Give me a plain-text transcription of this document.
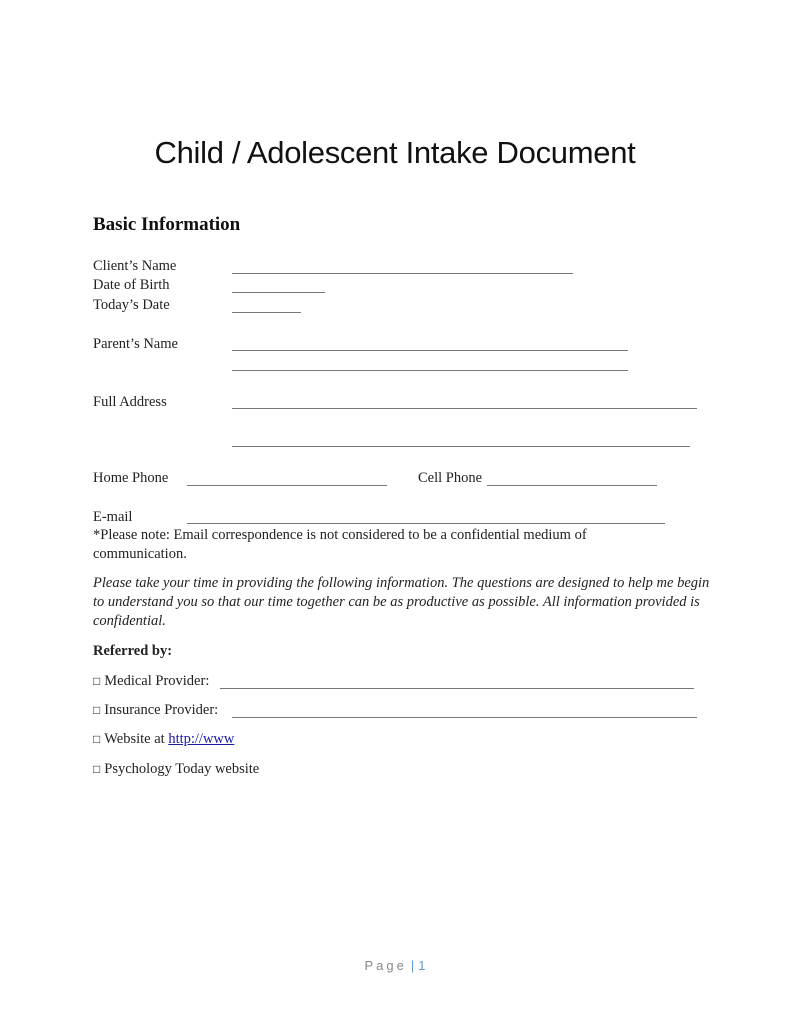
Child / Adolescent Intake Document
Basic Information
Client’s Name
Date of Birth
Today’s Date
Parent’s Name
Full Address
Home Phone	Cell Phone
E-mail
*Please note: Email correspondence is not considered to be a confidential medium of
communication.
Please take your time in providing the following information. The questions are designed to help me begin to understand you so that our time together can be as productive as possible. All information provided is confidential.
Referred by:
□ Medical Provider:
□ Insurance Provider:
□ Website at http://www
□ Psychology Today website
Page | 1
